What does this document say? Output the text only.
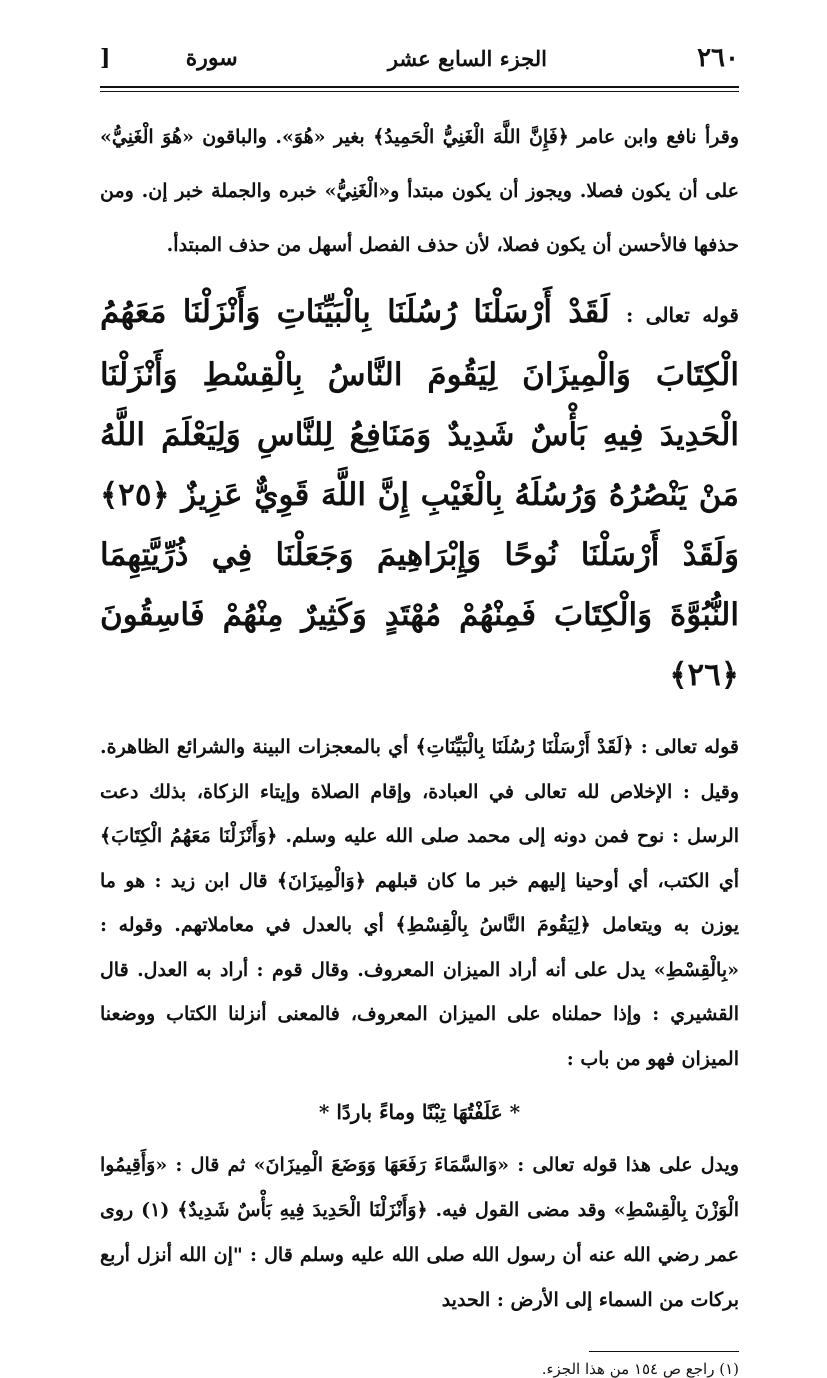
٢٦٠
الجزء السابع عشر
سورة  [
وقرأ نافع وابن عامر ﴿فَإِنَّ اللَّهَ الْغَنِيُّ الْحَمِيدُ﴾ بغير «هُوَ». والباقون «هُوَ الْغَنِيُّ» على أن يكون فصلا. ويجوز أن يكون مبتدأ و«الْغَنِيُّ» خبره والجملة خبر إن. ومن حذفها فالأحسن أن يكون فصلا، لأن حذف الفصل أسهل من حذف المبتدأ.
قوله تعالى : لَقَدْ أَرْسَلْنَا رُسُلَنَا بِالْبَيِّنَاتِ وَأَنْزَلْنَا مَعَهُمُ الْكِتَابَ وَالْمِيزَانَ لِيَقُومَ النَّاسُ بِالْقِسْطِ وَأَنْزَلْنَا الْحَدِيدَ فِيهِ بَأْسٌ شَدِيدٌ وَمَنَافِعُ لِلنَّاسِ وَلِيَعْلَمَ اللَّهُ مَنْ يَنْصُرُهُ وَرُسُلَهُ بِالْغَيْبِ إِنَّ اللَّهَ قَوِيٌّ عَزِيزٌ ﴿٢٥﴾ وَلَقَدْ أَرْسَلْنَا نُوحًا وَإِبْرَاهِيمَ وَجَعَلْنَا فِي ذُرِّيَّتِهِمَا النُّبُوَّةَ وَالْكِتَابَ فَمِنْهُمْ مُهْتَدٍ وَكَثِيرٌ مِنْهُمْ فَاسِقُونَ ﴿٢٦﴾
قوله تعالى : ﴿لَقَدْ أَرْسَلْنَا رُسُلَنَا بِالْبَيِّنَاتِ﴾ أي بالمعجزات البينة والشرائع الظاهرة. وقيل : الإخلاص لله تعالى في العبادة، وإقام الصلاة وإيتاء الزكاة، بذلك دعت الرسل : نوح فمن دونه إلى محمد صلى الله عليه وسلم. ﴿وَأَنْزَلْنَا مَعَهُمُ الْكِتَابَ﴾ أي الكتب، أي أوحينا إليهم خبر ما كان قبلهم ﴿وَالْمِيزَانَ﴾ قال ابن زيد : هو ما يوزن به ويتعامل ﴿لِيَقُومَ النَّاسُ بِالْقِسْطِ﴾ أي بالعدل في معاملاتهم. وقوله : «بِالْقِسْطِ» يدل على أنه أراد الميزان المعروف. وقال قوم : أراد به العدل. قال القشيري : وإذا حملناه على الميزان المعروف، فالمعنى أنزلنا الكتاب ووضعنا الميزان فهو من باب :
* عَلَفْتُهَا تِبْنًا وماءً باردًا *
ويدل على هذا قوله تعالى : «وَالسَّمَاءَ رَفَعَهَا وَوَضَعَ الْمِيزَانَ» ثم قال : «وَأَقِيمُوا الْوَزْنَ بِالْقِسْطِ» وقد مضى القول فيه. ﴿وَأَنْزَلْنَا الْحَدِيدَ فِيهِ بَأْسٌ شَدِيدٌ﴾ (١) روى عمر رضي الله عنه أن رسول الله صلى الله عليه وسلم قال : "إن الله أنزل أربع بركات من السماء إلى الأرض : الحديد
(١) راجع ص ١٥٤ من هذا الجزء.
